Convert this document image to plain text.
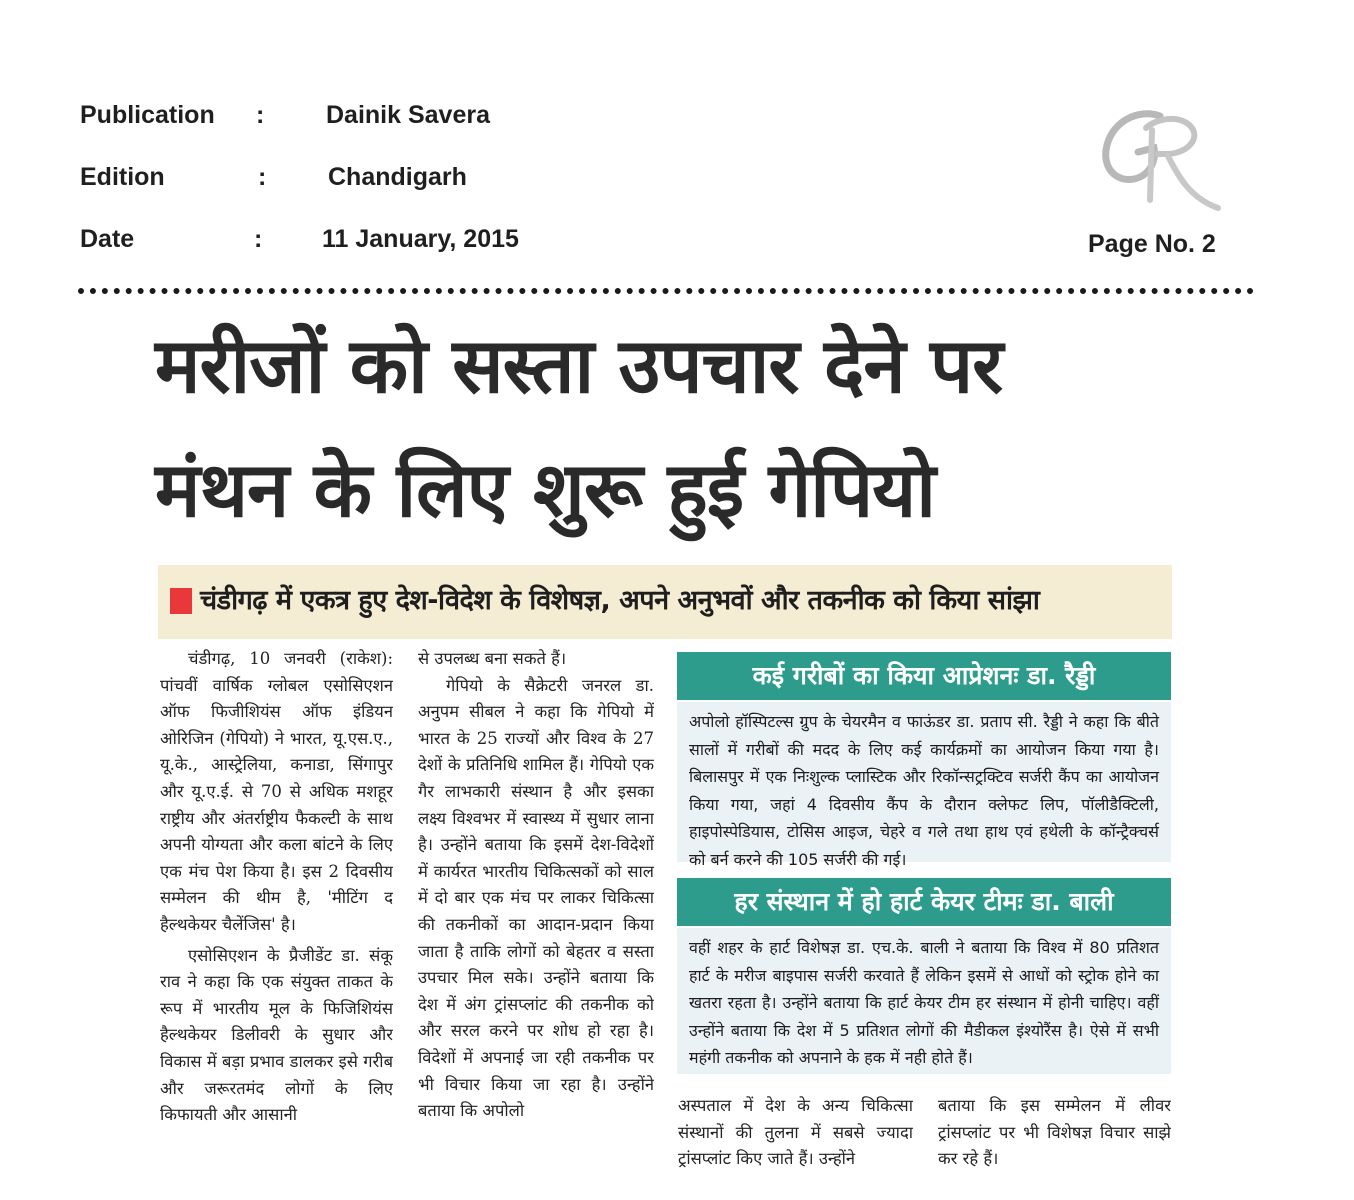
Publication : Dainik Savera
Edition	: Chandigarh
Date	: 11 January, 2015	Page No. 2
मरीजों को सस्ता उपचार देने पर
मंथन के लिए शुरू हुई गेपियो
चंडीगढ़ में एकत्र हुए देश-विदेश के विशेषज्ञ, अपने अनुभवों और तकनीक को किया सांझा

चंडीगढ़, 10 जनवरी (राकेश): पांचवीं वार्षिक ग्लोबल एसोसिएशन ऑफ फिजीशियंस ऑफ इंडियन ओरिजिन (गेपियो) ने भारत, यू.एस.ए., यू.के., आस्ट्रेलिया, कनाडा, सिंगापुर और यू.ए.ई. से 70 से अधिक मशहूर राष्ट्रीय और अंतर्राष्ट्रीय फैकल्टी के साथ अपनी योग्यता और कला बांटने के लिए एक मंच पेश किया है। इस 2 दिवसीय सम्मेलन की थीम है, 'मीटिंग द हैल्थकेयर चैलेंजिस' है।

एसोसिएशन के प्रैजीडेंट डा. संकू राव ने कहा कि एक संयुक्त ताकत के रूप में भारतीय मूल के फिजिशियंस हैल्थकेयर डिलीवरी के सुधार और विकास में बड़ा प्रभाव डालकर इसे गरीब और जरूरतमंद लोगों के लिए किफायती और आसानी

से उपलब्ध बना सकते हैं।

गेपियो के सैक्रेटरी जनरल डा. अनुपम सीबल ने कहा कि गेपियो में भारत के 25 राज्यों और विश्व के 27 देशों के प्रतिनिधि शामिल हैं। गेपियो एक गैर लाभकारी संस्थान है और इसका लक्ष्य विश्वभर में स्वास्थ्य में सुधार लाना है। उन्होंने बताया कि इसमें देश-विदेशों में कार्यरत भारतीय चिकित्सकों को साल में दो बार एक मंच पर लाकर चिकित्सा की तकनीकों का आदान-प्रदान किया जाता है ताकि लोगों को बेहतर व सस्ता उपचार मिल सके। उन्होंने बताया कि देश में अंग ट्रांसप्लांट की तकनीक को और सरल करने पर शोध हो रहा है। विदेशों में अपनाई जा रही तकनीक पर भी विचार किया जा रहा है। उन्होंने बताया कि अपोलो

कई गरीबों का किया आप्रेशनः डा. रैड्डी
अपोलो हॉस्पिटल्स ग्रुप के चेयरमैन व फाऊंडर डा. प्रताप सी. रैड्डी ने कहा कि बीते सालों में गरीबों की मदद के लिए कई कार्यक्रमों का आयोजन किया गया है। बिलासपुर में एक निःशुल्क प्लास्टिक और रिकॉन्सट्रक्टिव सर्जरी कैंप का आयोजन किया गया, जहां 4 दिवसीय कैंप के दौरान क्लेफट लिप, पॉलीडैक्टिली, हाइपोस्पेडियास, टोसिस आइज, चेहरे व गले तथा हाथ एवं हथेली के कॉन्ट्रैक्चर्स को बर्न करने की 105 सर्जरी की गई।
हर संस्थान में हो हार्ट केयर टीमः डा. बाली
वहीं शहर के हार्ट विशेषज्ञ डा. एच.के. बाली ने बताया कि विश्व में 80 प्रतिशत हार्ट के मरीज बाइपास सर्जरी करवाते हैं लेकिन इसमें से आधों को स्ट्रोक होने का खतरा रहता है। उन्होंने बताया कि हार्ट केयर टीम हर संस्थान में होनी चाहिए। वहीं उन्होंने बताया कि देश में 5 प्रतिशत लोगों की मैडीकल इंश्योरैंस है। ऐसे में सभी महंगी तकनीक को अपनाने के हक में नही होते हैं।

अस्पताल में देश के अन्य चिकित्सा संस्थानों की तुलना में सबसे ज्यादा ट्रांसप्लांट किए जाते हैं। उन्होंने

बताया कि इस सम्मेलन में लीवर ट्रांसप्लांट पर भी विशेषज्ञ विचार साझे कर रहे हैं।
